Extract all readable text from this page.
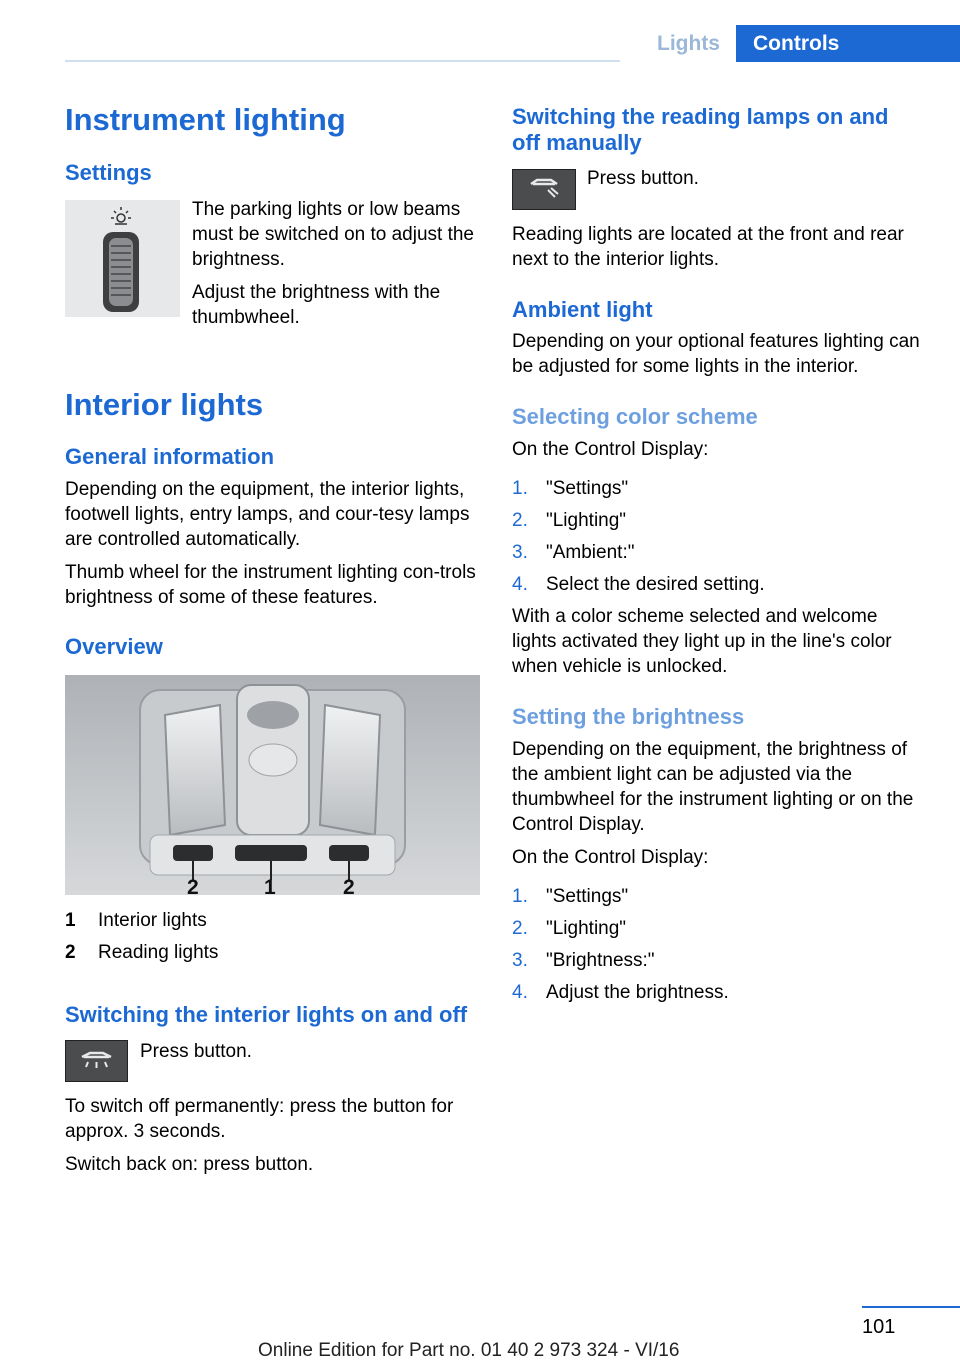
Lights	Controls
Instrument lighting
Settings

The parking lights or low beams must be switched on to adjust the brightness.

Adjust the brightness with the thumbwheel.

Interior lights
General information

Depending on the equipment, the interior lights, footwell lights, entry lamps, and cour‐tesy lamps are controlled automatically.

Thumb wheel for the instrument lighting con‐trols brightness of some of these features.

Overview
2	1	2
1 Interior lights
2 Reading lights
Switching the interior lights on and off

Press button.

To switch off permanently: press the button for approx. 3 seconds.

Switch back on: press button.

Switching the reading lamps on and off manually

Press button.

Reading lights are located at the front and rear next to the interior lights.

Ambient light

Depending on your optional features lighting can be adjusted for some lights in the interior.

Selecting color scheme

On the Control Display:

1. "Settings"
2. "Lighting"
3. "Ambient:"
4. Select the desired setting.

With a color scheme selected and welcome lights activated they light up in the line's color when vehicle is unlocked.

Setting the brightness

Depending on the equipment, the brightness of the ambient light can be adjusted via the thumbwheel for the instrument lighting or on the Control Display.

On the Control Display:

1. "Settings"
2. "Lighting"
3. "Brightness:"
4. Adjust the brightness.
101
Online Edition for Part no. 01 40 2 973 324 - VI/16
